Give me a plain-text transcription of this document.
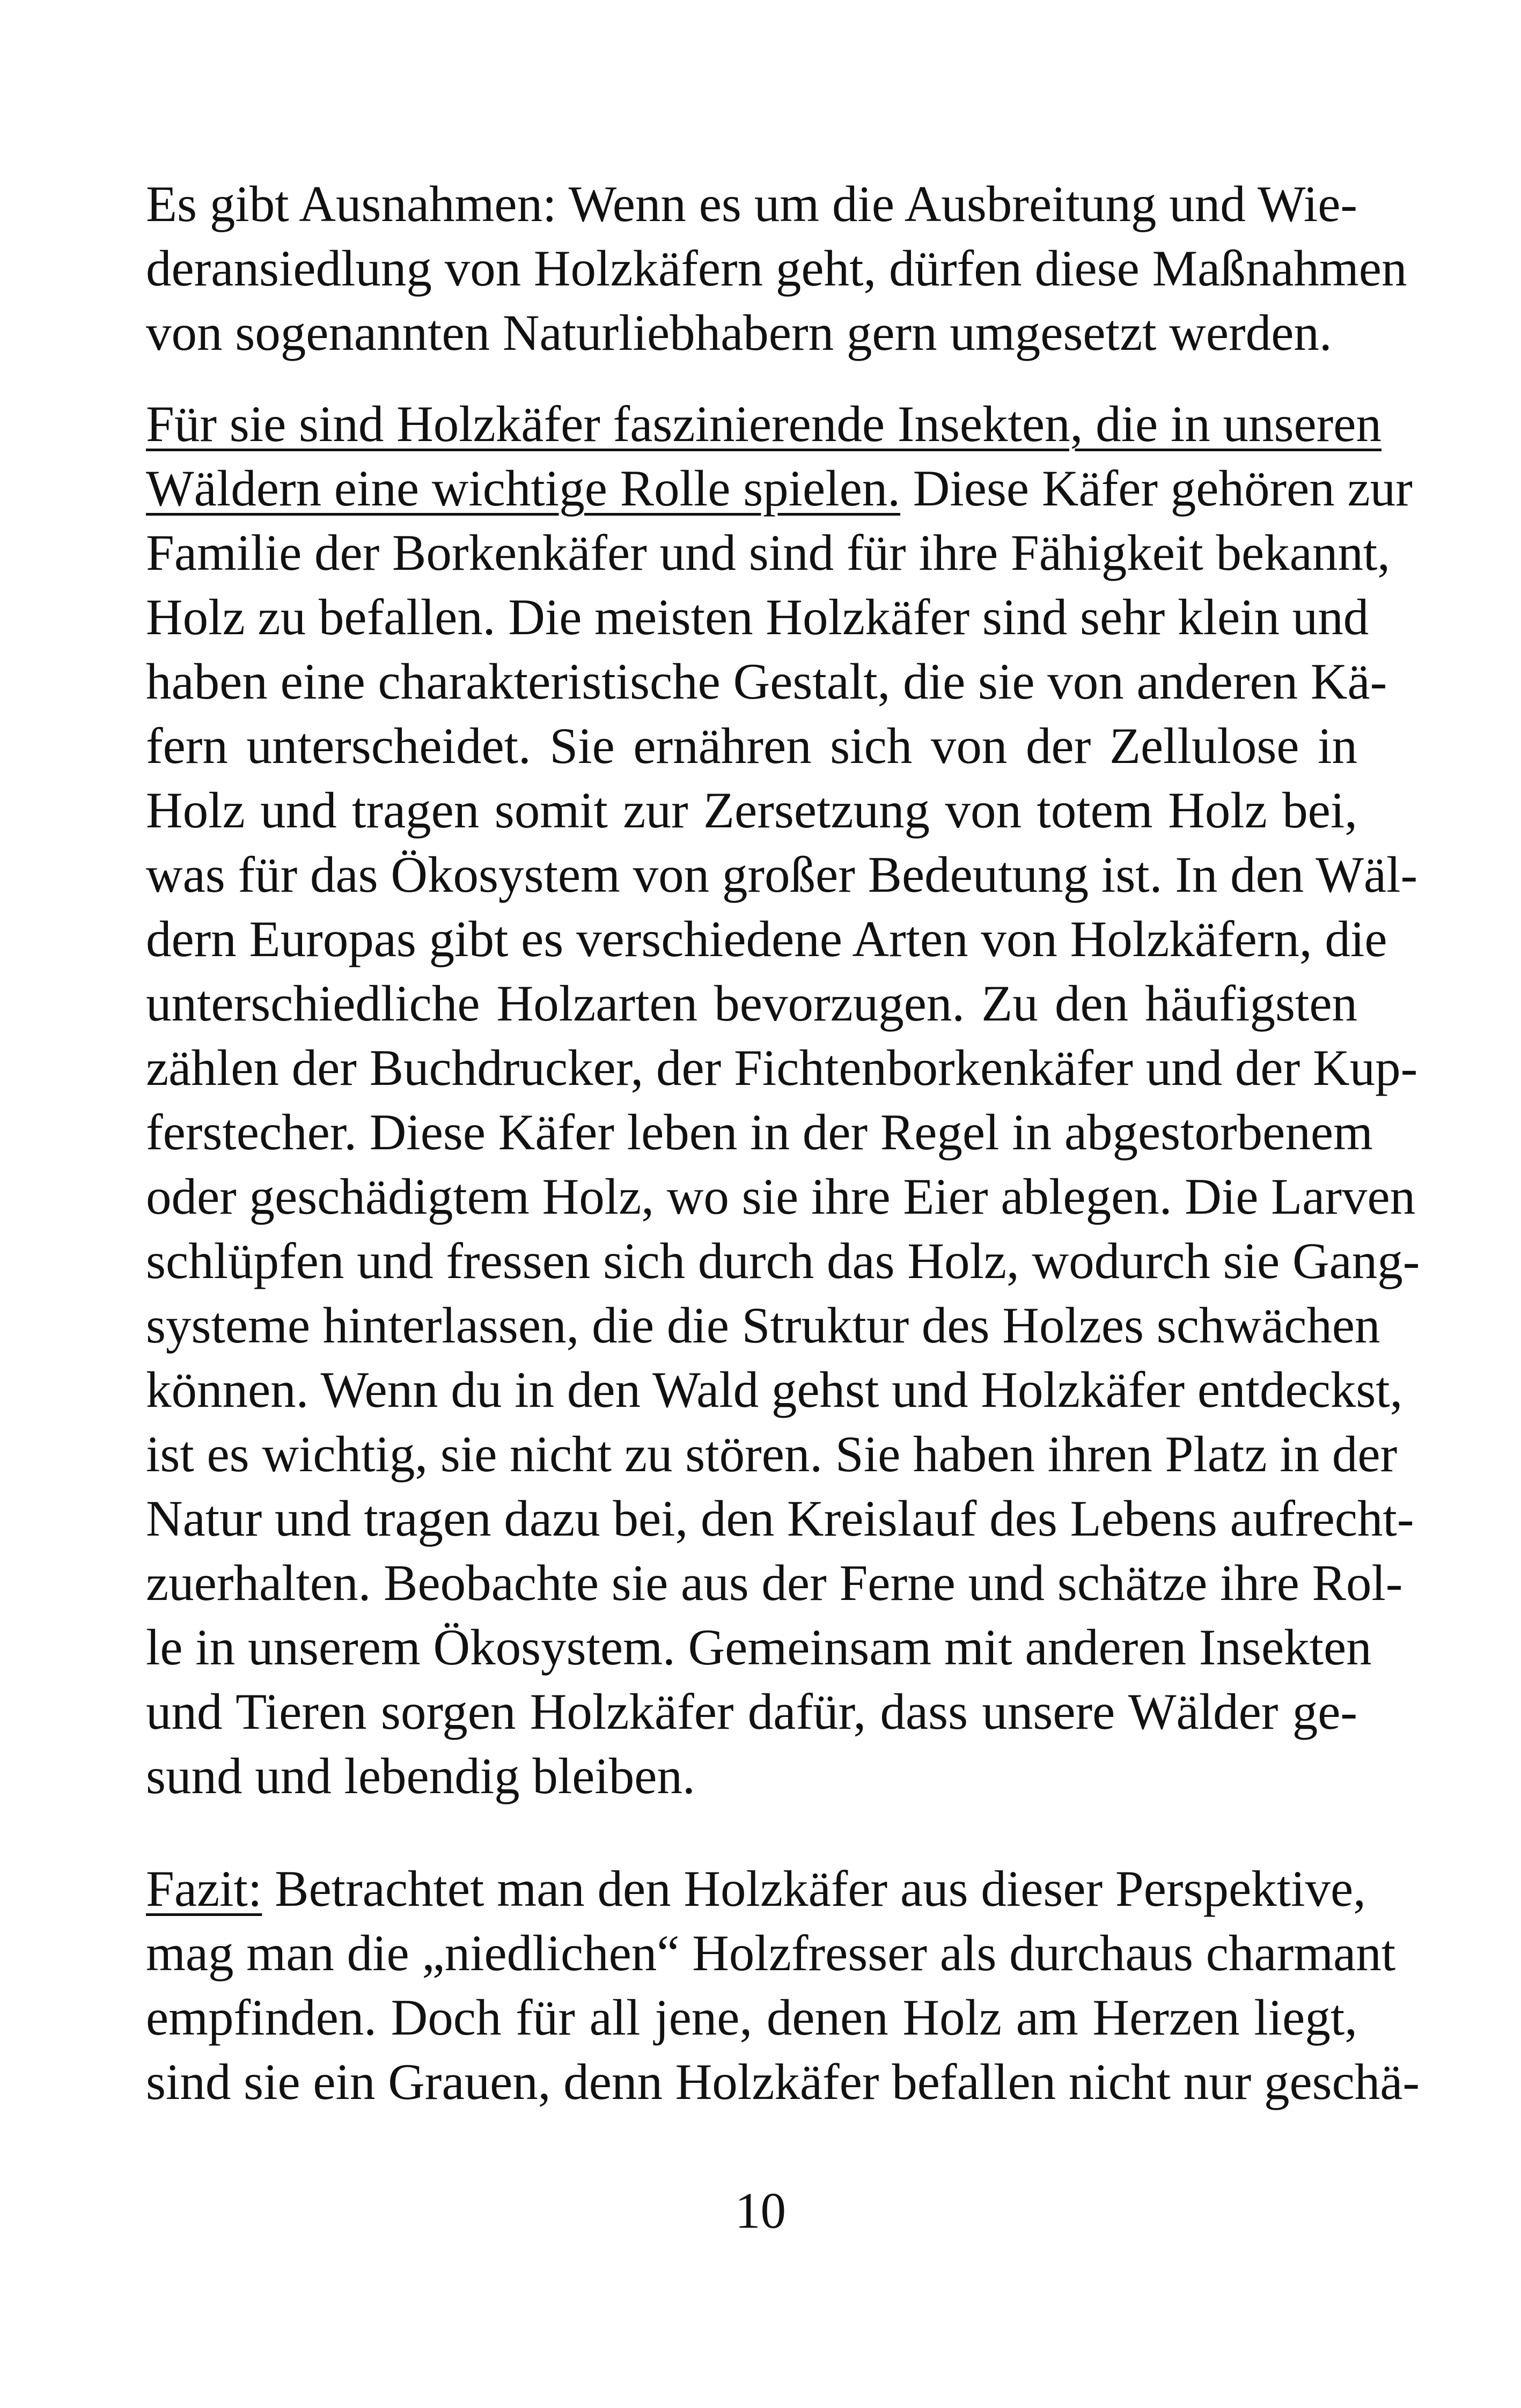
Es gibt Ausnahmen: Wenn es um die Ausbreitung und Wie-
deransiedlung von Holzkäfern geht, dürfen diese Maßnahmen
von sogenannten Naturliebhabern gern umgesetzt werden.
Für sie sind Holzkäfer faszinierende Insekten, die in unseren
Wäldern eine wichtige Rolle spielen. Diese Käfer gehören zur
Familie der Borkenkäfer und sind für ihre Fähigkeit bekannt,
Holz zu befallen. Die meisten Holzkäfer sind sehr klein und
haben eine charakteristische Gestalt, die sie von anderen Kä-
fern unterscheidet. Sie ernähren sich von der Zellulose in
Holz und tragen somit zur Zersetzung von totem Holz bei,
was für das Ökosystem von großer Bedeutung ist. In den Wäl-
dern Europas gibt es verschiedene Arten von Holzkäfern, die
unterschiedliche Holzarten bevorzugen. Zu den häufigsten
zählen der Buchdrucker, der Fichtenborkenkäfer und der Kup-
ferstecher. Diese Käfer leben in der Regel in abgestorbenem
oder geschädigtem Holz, wo sie ihre Eier ablegen. Die Larven
schlüpfen und fressen sich durch das Holz, wodurch sie Gang-
systeme hinterlassen, die die Struktur des Holzes schwächen
können. Wenn du in den Wald gehst und Holzkäfer entdeckst,
ist es wichtig, sie nicht zu stören. Sie haben ihren Platz in der
Natur und tragen dazu bei, den Kreislauf des Lebens aufrecht-
zuerhalten. Beobachte sie aus der Ferne und schätze ihre Rol-
le in unserem Ökosystem. Gemeinsam mit anderen Insekten
und Tieren sorgen Holzkäfer dafür, dass unsere Wälder ge-
sund und lebendig bleiben.
Fazit: Betrachtet man den Holzkäfer aus dieser Perspektive,
mag man die „niedlichen“ Holzfresser als durchaus charmant
empfinden. Doch für all jene, denen Holz am Herzen liegt,
sind sie ein Grauen, denn Holzkäfer befallen nicht nur geschä-
10
